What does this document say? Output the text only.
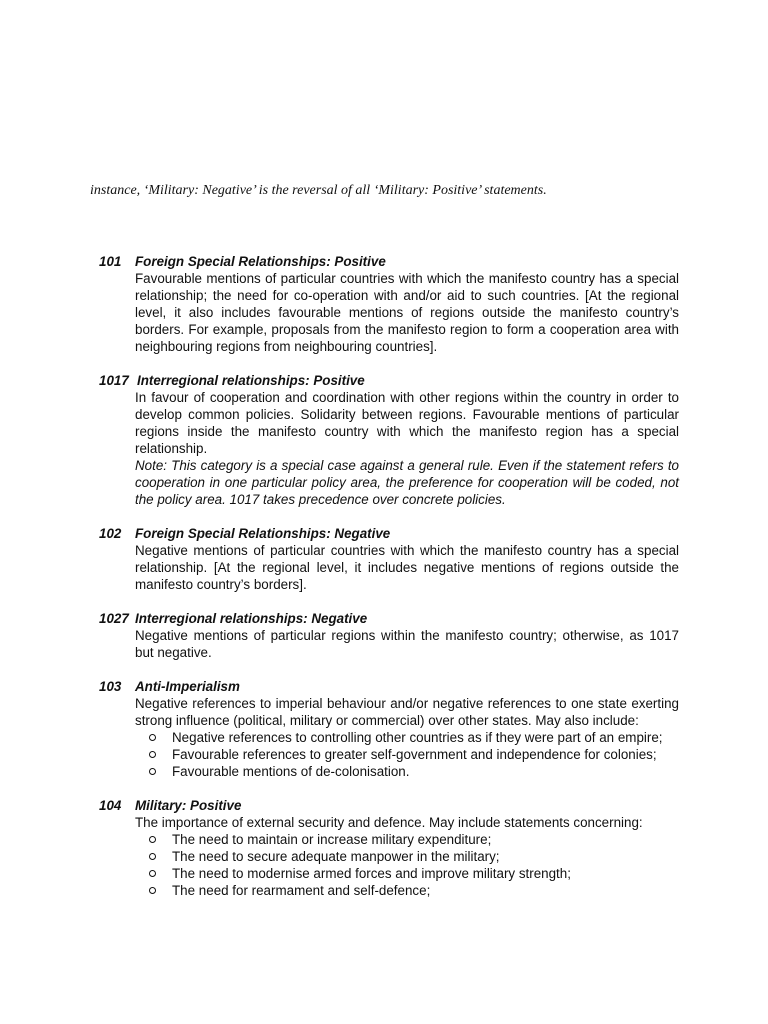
instance, ‘Military: Negative’ is the reversal of all ‘Military: Positive’ statements.
101 Foreign Special Relationships: Positive

Favourable mentions of particular countries with which the manifesto country has a special relationship; the need for co-operation with and/or aid to such countries. [At the regional level, it also includes favourable mentions of regions outside the manifesto country’s borders. For example, proposals from the manifesto region to form a cooperation area with neighbouring regions from neighbouring countries].

1017 Interregional relationships: Positive

In favour of cooperation and coordination with other regions within the country in order to develop common policies. Solidarity between regions. Favourable mentions of particular regions inside the manifesto country with which the manifesto region has a special relationship.

Note: This category is a special case against a general rule. Even if the statement refers to cooperation in one particular policy area, the preference for cooperation will be coded, not the policy area. 1017 takes precedence over concrete policies.

102 Foreign Special Relationships: Negative

Negative mentions of particular countries with which the manifesto country has a special relationship. [At the regional level, it includes negative mentions of regions outside the manifesto country’s borders].

1027 Interregional relationships: Negative

Negative mentions of particular regions within the manifesto country; otherwise, as 1017 but negative.

103 Anti-Imperialism

Negative references to imperial behaviour and/or negative references to one state exerting strong influence (political, military or commercial) over other states. May also include:

Negative references to controlling other countries as if they were part of an empire;
Favourable references to greater self-government and independence for colonies;
Favourable mentions of de-colonisation.
104 Military: Positive

The importance of external security and defence. May include statements concerning:

The need to maintain or increase military expenditure;
The need to secure adequate manpower in the military;
The need to modernise armed forces and improve military strength;
The need for rearmament and self-defence;
